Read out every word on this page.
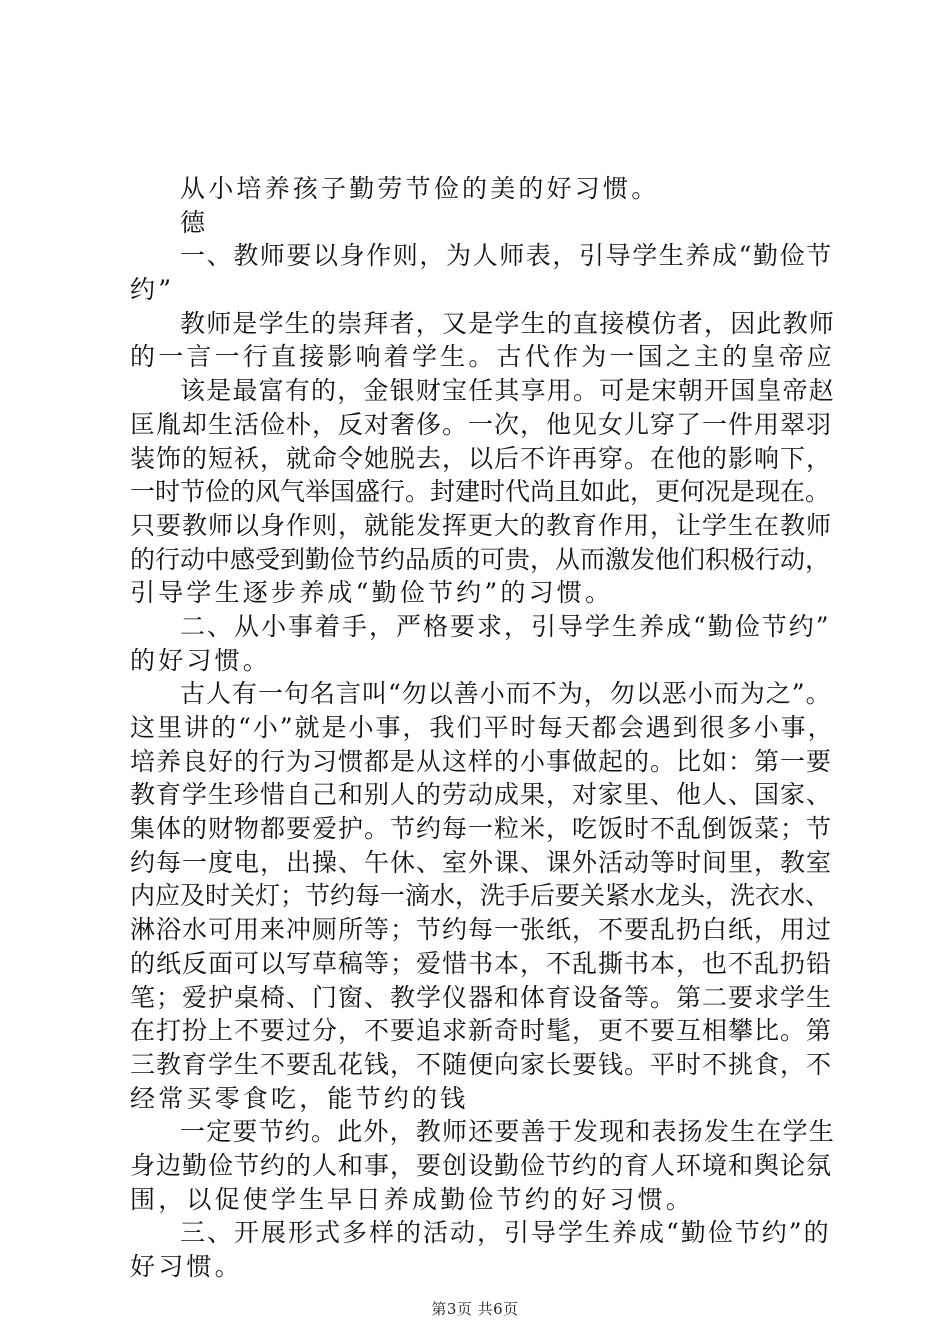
从小培养孩子勤劳节俭的美的好习惯。
德
一、教师要以身作则，为人师表，引导学生养成“勤俭节
约”
教师是学生的崇拜者，又是学生的直接模仿者，因此教师
的一言一行直接影响着学生。古代作为一国之主的皇帝应
该是最富有的，金银财宝任其享用。可是宋朝开国皇帝赵
匡胤却生活俭朴，反对奢侈。一次，他见女儿穿了一件用翠羽
装饰的短袄，就命令她脱去，以后不许再穿。在他的影响下，
一时节俭的风气举国盛行。封建时代尚且如此，更何况是现在。
只要教师以身作则，就能发挥更大的教育作用，让学生在教师
的行动中感受到勤俭节约品质的可贵，从而激发他们积极行动，
引导学生逐步养成“勤俭节约”的习惯。
二、从小事着手，严格要求，引导学生养成“勤俭节约”
的好习惯。
古人有一句名言叫“勿以善小而不为，勿以恶小而为之”。
这里讲的“小”就是小事，我们平时每天都会遇到很多小事，
培养良好的行为习惯都是从这样的小事做起的。比如：第一要
教育学生珍惜自己和别人的劳动成果，对家里、他人、国家、
集体的财物都要爱护。节约每一粒米，吃饭时不乱倒饭菜；节
约每一度电，出操、午休、室外课、课外活动等时间里，教室
内应及时关灯；节约每一滴水，洗手后要关紧水龙头，洗衣水、
淋浴水可用来冲厕所等；节约每一张纸，不要乱扔白纸，用过
的纸反面可以写草稿等；爱惜书本，不乱撕书本，也不乱扔铅
笔；爱护桌椅、门窗、教学仪器和体育设备等。第二要求学生
在打扮上不要过分，不要追求新奇时髦，更不要互相攀比。第
三教育学生不要乱花钱，不随便向家长要钱。平时不挑食，不
经常买零食吃，能节约的钱
一定要节约。此外，教师还要善于发现和表扬发生在学生
身边勤俭节约的人和事，要创设勤俭节约的育人环境和舆论氛
围，以促使学生早日养成勤俭节约的好习惯。
三、开展形式多样的活动，引导学生养成“勤俭节约”的
好习惯。
第3页 共6页
